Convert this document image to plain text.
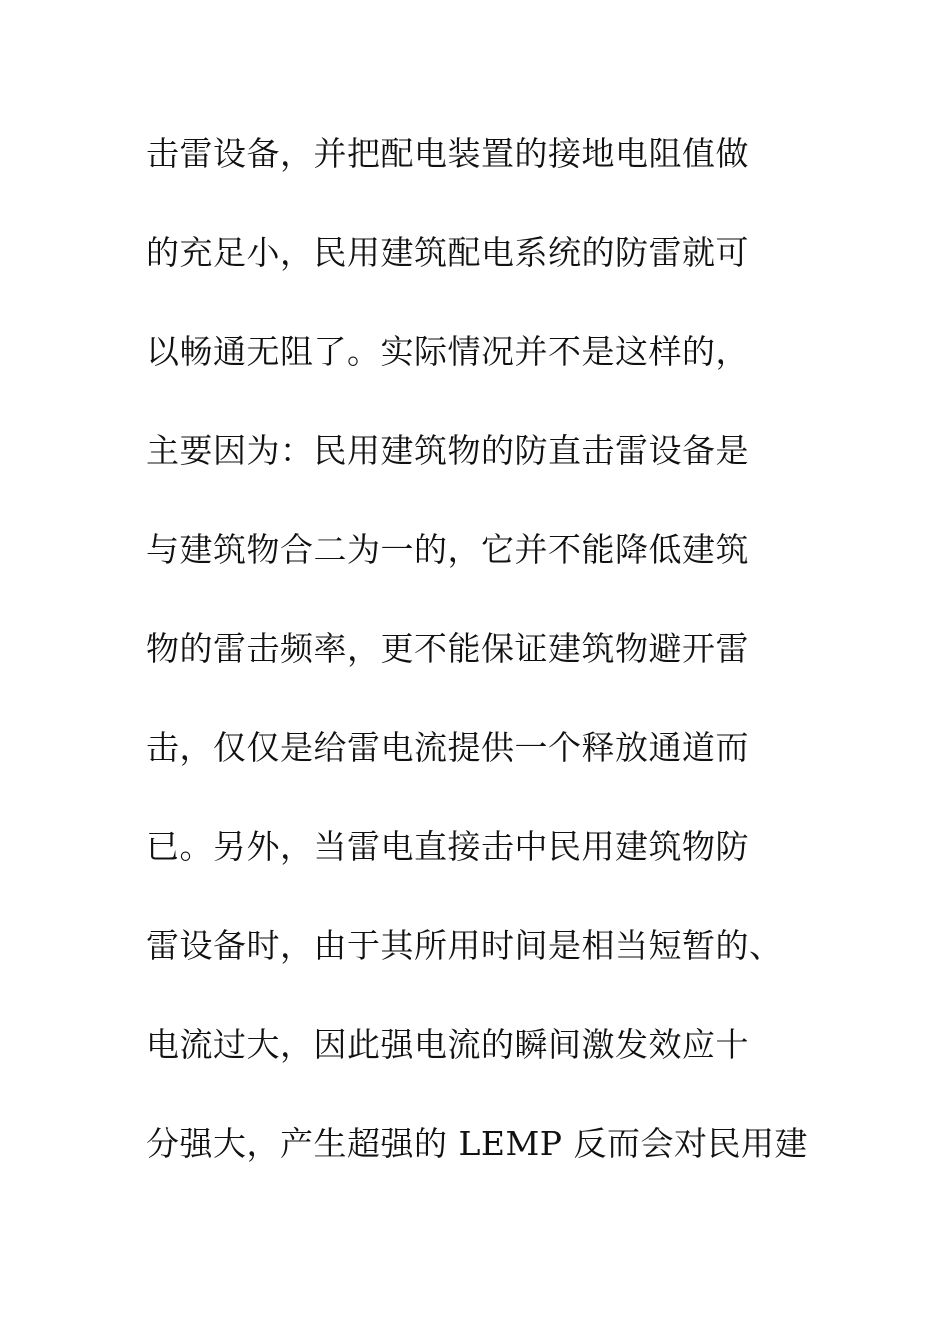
击雷设备，并把配电装置的接地电阻值做
的充足小，民用建筑配电系统的防雷就可
以畅通无阻了。实际情况并不是这样的，
主要因为：民用建筑物的防直击雷设备是
与建筑物合二为一的，它并不能降低建筑
物的雷击频率，更不能保证建筑物避开雷
击，仅仅是给雷电流提供一个释放通道而
已。另外，当雷电直接击中民用建筑物防
雷设备时，由于其所用时间是相当短暂的、
电流过大，因此强电流的瞬间激发效应十
分强大，产生超强的 LEMP 反而会对民用建
